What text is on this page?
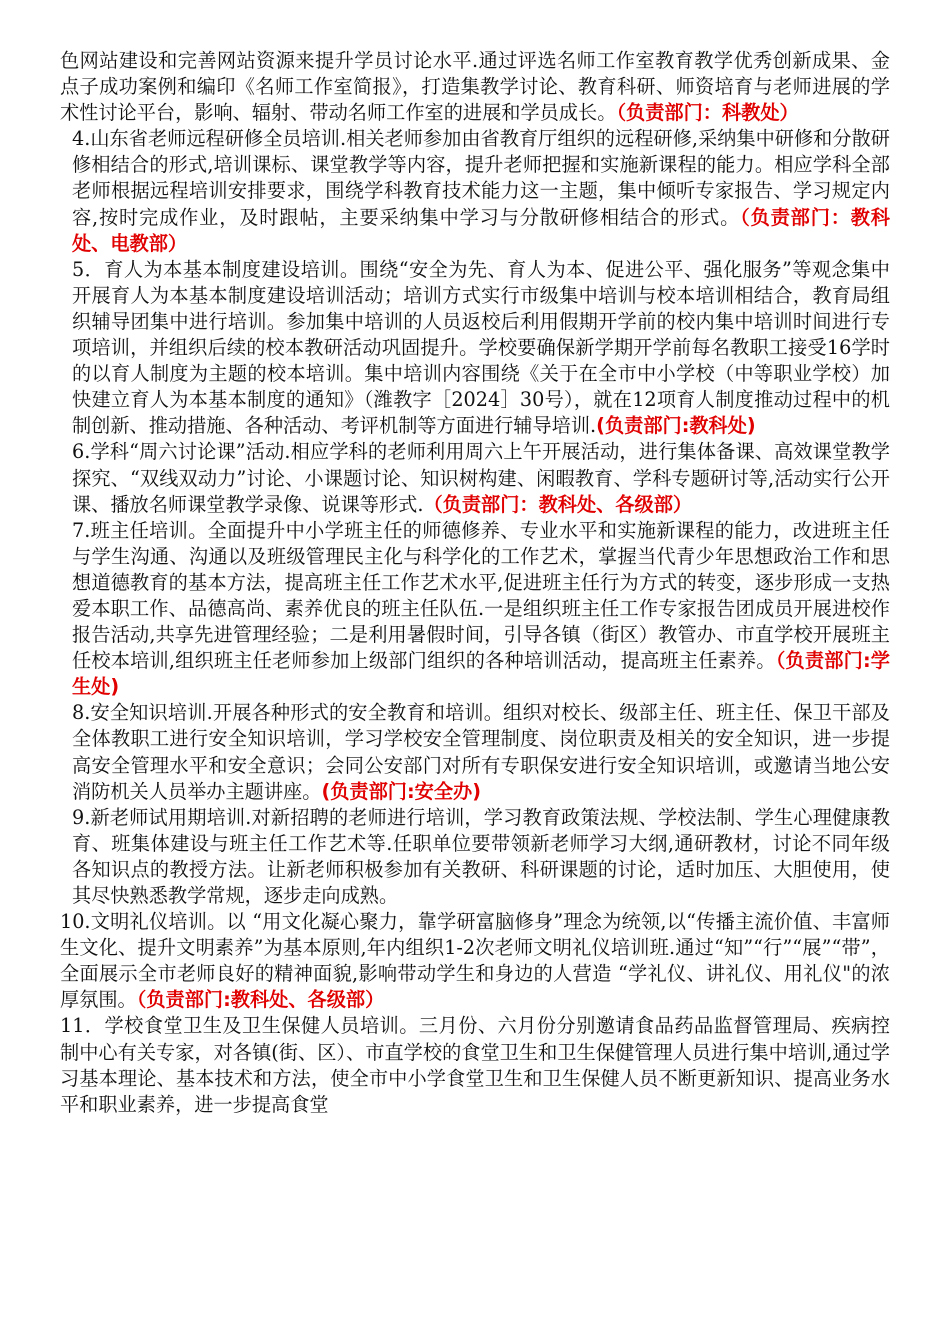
色网站建设和完善网站资源来提升学员讨论水平.通过评选名师工作室教育教学优秀创新成果、金点子成功案例和编印《名师工作室简报》，打造集教学讨论、教育科研、师资培育与老师进展的学术性讨论平台，影响、辐射、带动名师工作室的进展和学员成长。（负责部门：科教处）

4.山东省老师远程研修全员培训.相关老师参加由省教育厅组织的远程研修,采纳集中研修和分散研修相结合的形式,培训课标、课堂教学等内容，提升老师把握和实施新课程的能力。相应学科全部老师根据远程培训安排要求，围绕学科教育技术能力这一主题，集中倾听专家报告、学习规定内容,按时完成作业，及时跟帖，主要采纳集中学习与分散研修相结合的形式。（负责部门：教科处、电教部）

5．育人为本基本制度建设培训。围绕“安全为先、育人为本、促进公平、强化服务”等观念集中开展育人为本基本制度建设培训活动；培训方式实行市级集中培训与校本培训相结合，教育局组织辅导团集中进行培训。参加集中培训的人员返校后利用假期开学前的校内集中培训时间进行专项培训，并组织后续的校本教研活动巩固提升。学校要确保新学期开学前每名教职工接受16学时的以育人制度为主题的校本培训。集中培训内容围绕《关于在全市中小学校（中等职业学校）加快建立育人为本基本制度的通知》（潍教字［2024］30号），就在12项育人制度推动过程中的机制创新、推动措施、各种活动、考评机制等方面进行辅导培训.(负责部门:教科处)

6.学科“周六讨论课”活动.相应学科的老师利用周六上午开展活动，进行集体备课、高效课堂教学探究、“双线双动力”讨论、小课题讨论、知识树构建、闲暇教育、学科专题研讨等,活动实行公开课、播放名师课堂教学录像、说课等形式.（负责部门：教科处、各级部）

7.班主任培训。全面提升中小学班主任的师德修养、专业水平和实施新课程的能力，改进班主任与学生沟通、沟通以及班级管理民主化与科学化的工作艺术，掌握当代青少年思想政治工作和思想道德教育的基本方法，提高班主任工作艺术水平,促进班主任行为方式的转变，逐步形成一支热爱本职工作、品德高尚、素养优良的班主任队伍.一是组织班主任工作专家报告团成员开展进校作报告活动,共享先进管理经验；二是利用暑假时间，引导各镇（街区）教管办、市直学校开展班主任校本培训,组织班主任老师参加上级部门组织的各种培训活动，提高班主任素养。（负责部门:学生处)

8.安全知识培训.开展各种形式的安全教育和培训。组织对校长、级部主任、班主任、保卫干部及全体教职工进行安全知识培训，学习学校安全管理制度、岗位职责及相关的安全知识，进一步提高安全管理水平和安全意识；会同公安部门对所有专职保安进行安全知识培训，或邀请当地公安消防机关人员举办主题讲座。(负责部门:安全办)

9.新老师试用期培训.对新招聘的老师进行培训，学习教育政策法规、学校法制、学生心理健康教育、班集体建设与班主任工作艺术等.任职单位要带领新老师学习大纲,通研教材，讨论不同年级各知识点的教授方法。让新老师积极参加有关教研、科研课题的讨论，适时加压、大胆使用，使其尽快熟悉教学常规，逐步走向成熟。

10.文明礼仪培训。以 “用文化凝心聚力，靠学研富脑修身”理念为统领,以“传播主流价值、丰富师生文化、提升文明素养”为基本原则,年内组织1-2次老师文明礼仪培训班.通过“知”“行”“展”“带”，全面展示全市老师良好的精神面貌,影响带动学生和身边的人营造 “学礼仪、讲礼仪、用礼仪"的浓厚氛围。（负责部门:教科处、各级部）

11．学校食堂卫生及卫生保健人员培训。三月份、六月份分别邀请食品药品监督管理局、疾病控制中心有关专家，对各镇(街、区）、市直学校的食堂卫生和卫生保健管理人员进行集中培训,通过学习基本理论、基本技术和方法，使全市中小学食堂卫生和卫生保健人员不断更新知识、提高业务水平和职业素养，进一步提高食堂
